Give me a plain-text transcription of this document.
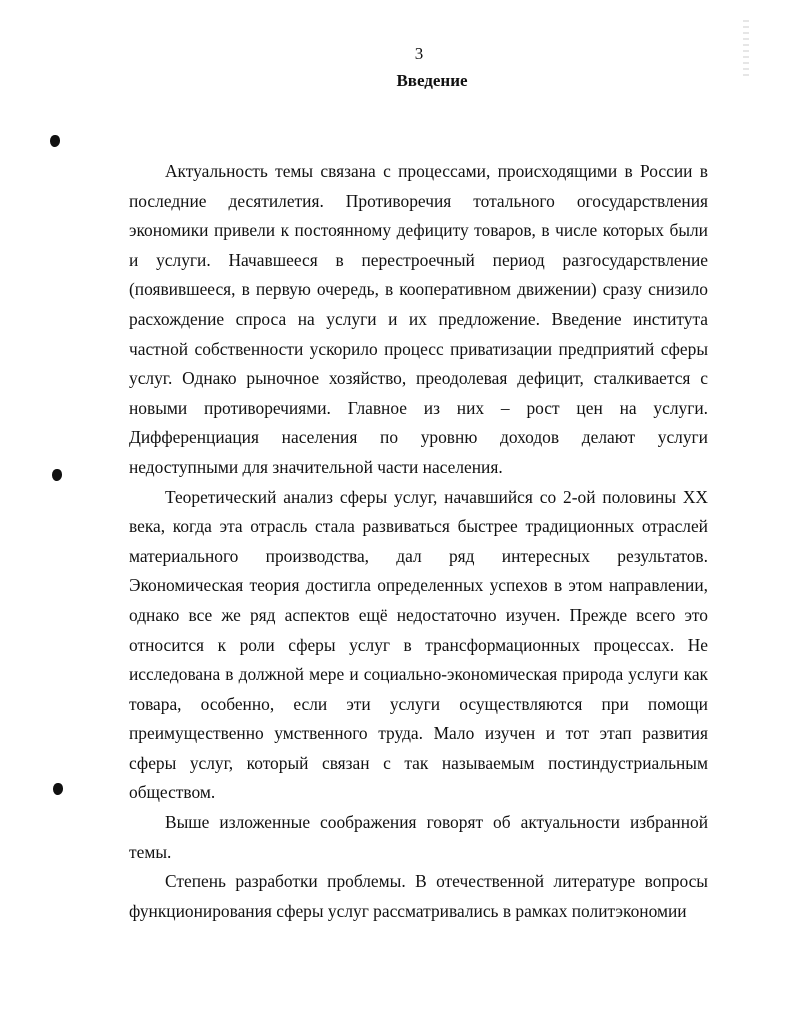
3
Введение

Актуальность темы связана с процессами, происходящими в России в последние десятилетия. Противоречия тотального огосударствления экономики привели к постоянному дефициту товаров, в числе которых были и услуги. Начавшееся в перестроечный период разгосударствление (появившееся, в первую очередь, в кооперативном движении) сразу снизило расхождение спроса на услуги и их предложение. Введение института частной собственности ускорило процесс приватизации предприятий сферы услуг. Однако рыночное хозяйство, преодолевая дефицит, сталкивается с новыми противоречиями. Главное из них – рост цен на услуги. Дифференциация населения по уровню доходов делают услуги недоступными для значительной части населения.

Теоретический анализ сферы услуг, начавшийся со 2-ой половины XX века, когда эта отрасль стала развиваться быстрее традиционных отраслей материального производства, дал ряд интересных результатов. Экономическая теория достигла определенных успехов в этом направлении, однако все же ряд аспектов ещё недостаточно изучен. Прежде всего это относится к роли сферы услуг в трансформационных процессах. Не исследована в должной мере и социально-экономическая природа услуги как товара, особенно, если эти услуги осуществляются при помощи преимущественно умственного труда. Мало изучен и тот этап развития сферы услуг, который связан с так называемым постиндустриальным обществом.

Выше изложенные соображения говорят об актуальности избранной темы.

Степень разработки проблемы. В отечественной литературе вопросы функционирования сферы услуг рассматривались в рамках политэкономии
